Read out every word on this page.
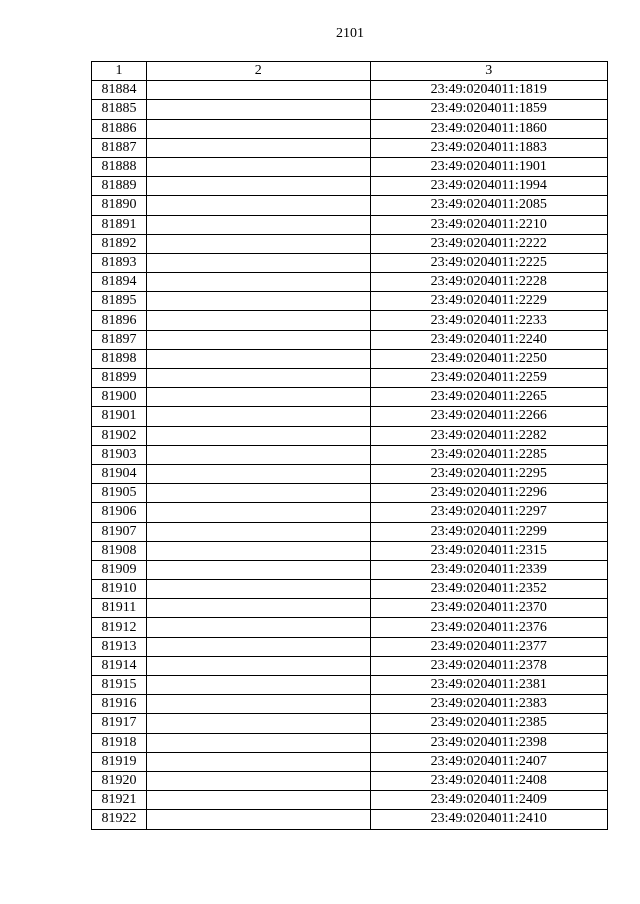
2101
1	2	3
81884		23:49:0204011:1819
81885		23:49:0204011:1859
81886		23:49:0204011:1860
81887		23:49:0204011:1883
81888		23:49:0204011:1901
81889		23:49:0204011:1994
81890		23:49:0204011:2085
81891		23:49:0204011:2210
81892		23:49:0204011:2222
81893		23:49:0204011:2225
81894		23:49:0204011:2228
81895		23:49:0204011:2229
81896		23:49:0204011:2233
81897		23:49:0204011:2240
81898		23:49:0204011:2250
81899		23:49:0204011:2259
81900		23:49:0204011:2265
81901		23:49:0204011:2266
81902		23:49:0204011:2282
81903		23:49:0204011:2285
81904		23:49:0204011:2295
81905		23:49:0204011:2296
81906		23:49:0204011:2297
81907		23:49:0204011:2299
81908		23:49:0204011:2315
81909		23:49:0204011:2339
81910		23:49:0204011:2352
81911		23:49:0204011:2370
81912		23:49:0204011:2376
81913		23:49:0204011:2377
81914		23:49:0204011:2378
81915		23:49:0204011:2381
81916		23:49:0204011:2383
81917		23:49:0204011:2385
81918		23:49:0204011:2398
81919		23:49:0204011:2407
81920		23:49:0204011:2408
81921		23:49:0204011:2409
81922		23:49:0204011:2410
